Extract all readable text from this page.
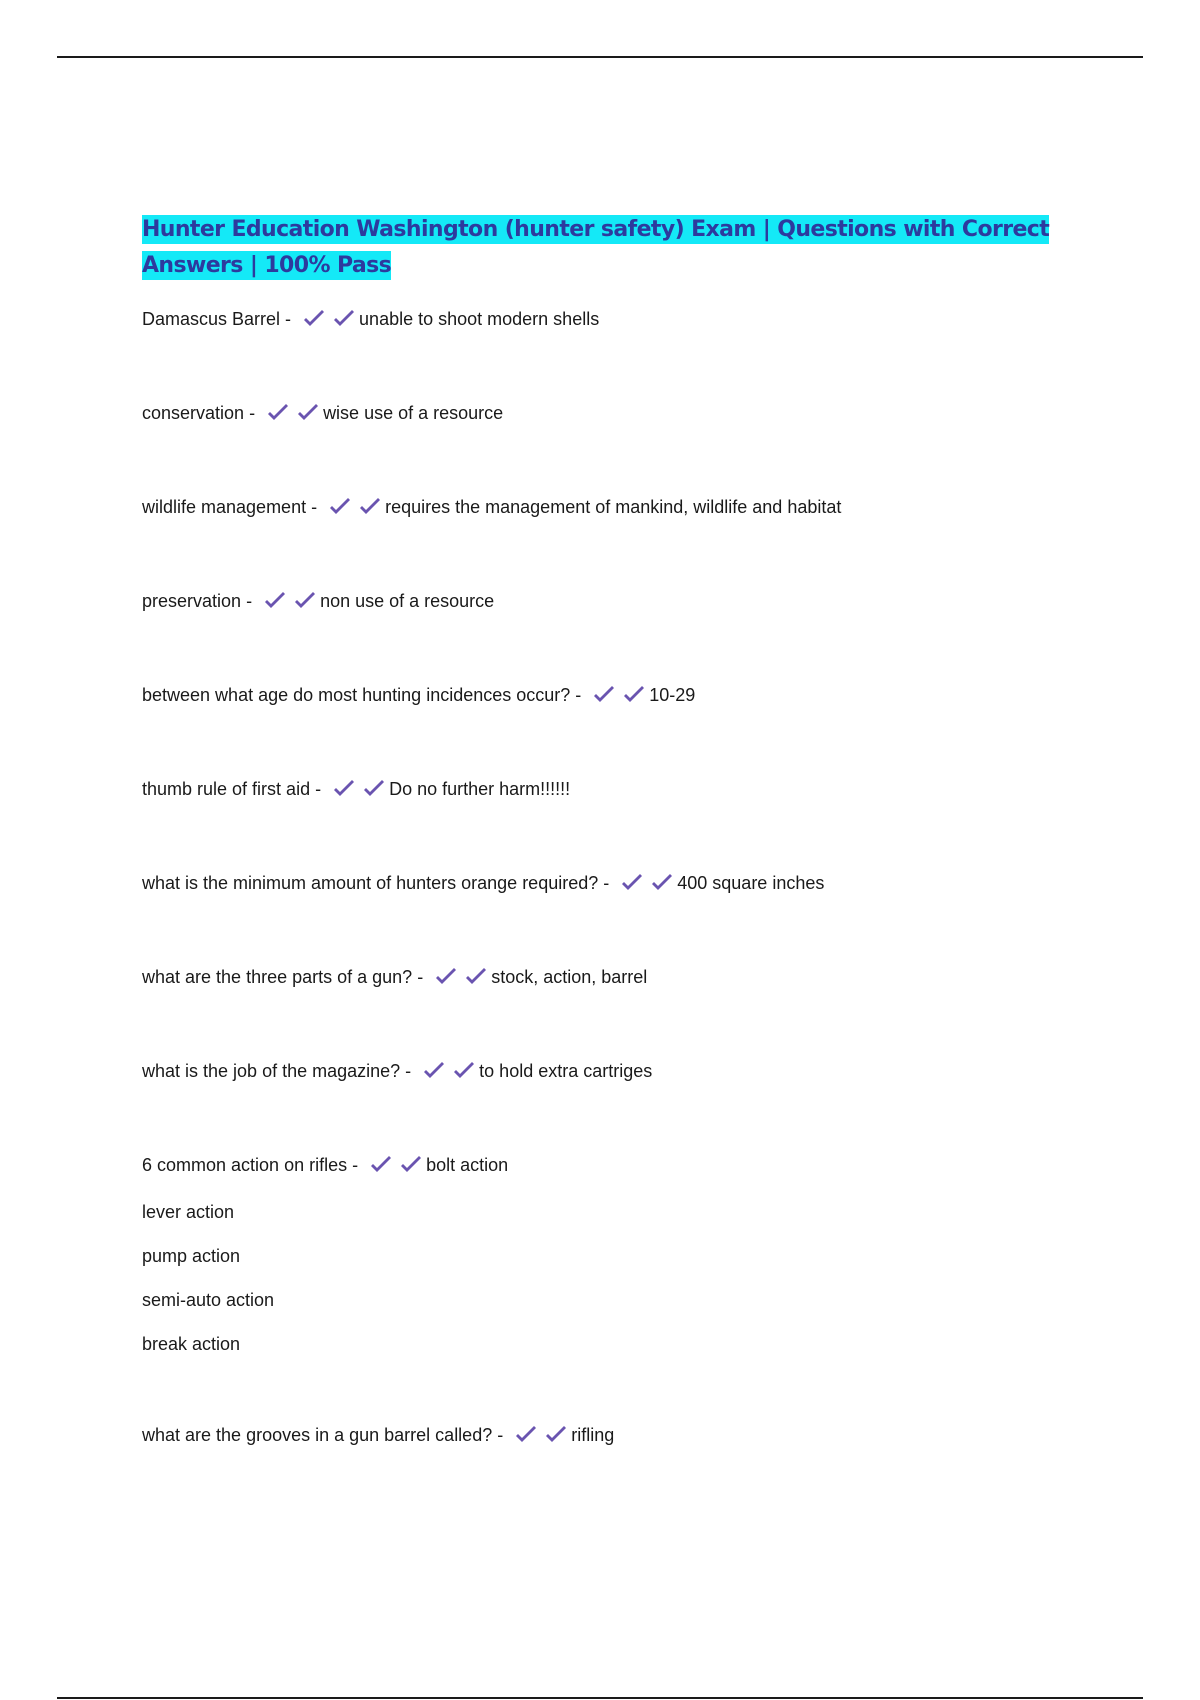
Hunter Education Washington (hunter safety) Exam | Questions with Correct Answers | 100% Pass

Damascus Barrel -	unable to shoot modern shells

conservation -	wise use of a resource

wildlife management -	requires the management of mankind, wildlife and habitat

preservation -	non use of a resource

between what age do most hunting incidences occur? -	10-29

thumb rule of first aid -	Do no further harm!!!!!!

what is the minimum amount of hunters orange required? -	400 square inches

what are the three parts of a gun? -	stock, action, barrel

what is the job of the magazine? -	to hold extra cartriges

6 common action on rifles -	bolt action
lever action
pump action
semi-auto action
break action

what are the grooves in a gun barrel called? -	rifling
